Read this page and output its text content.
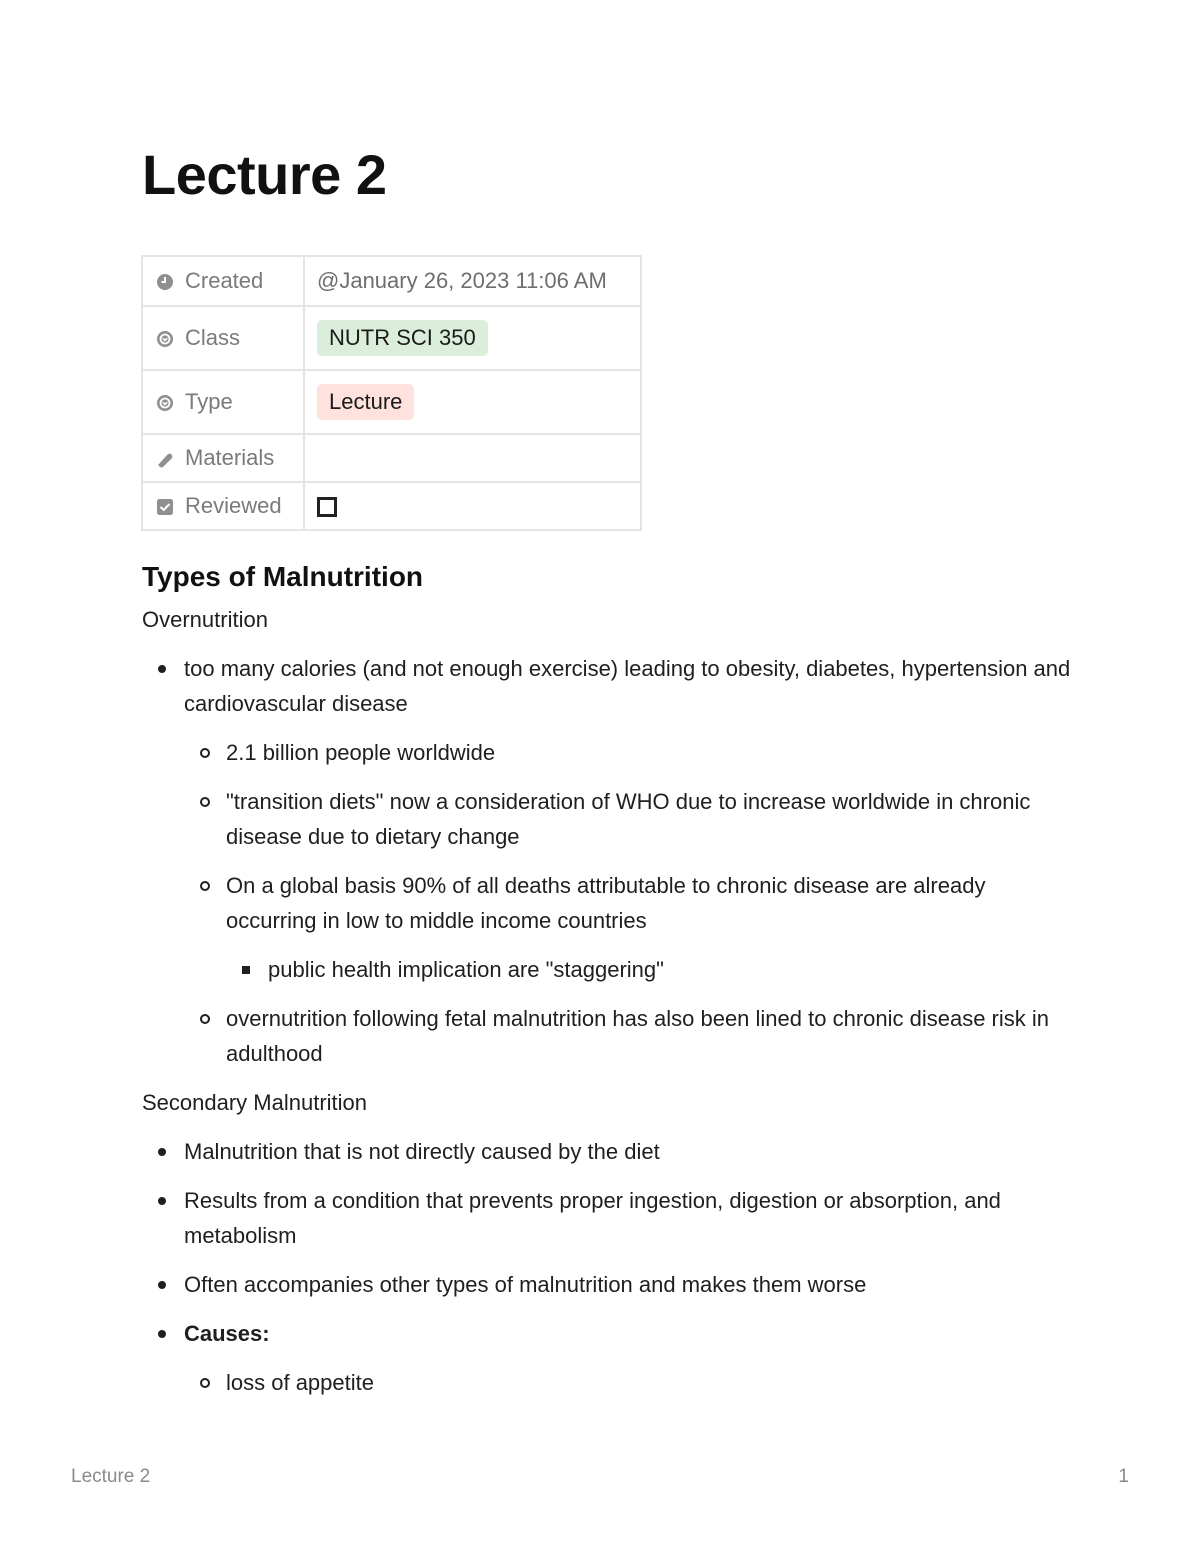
Lecture 2
Created	@January 26, 2023 11:06 AM
Class	NUTR SCI 350
Type	Lecture
Materials	
Reviewed	
Types of Malnutrition

Overnutrition

too many calories (and not enough exercise) leading to obesity, diabetes, hypertension and cardiovascular disease
2.1 billion people worldwide
"transition diets" now a consideration of WHO due to increase worldwide in chronic disease due to dietary change
On a global basis 90% of all deaths attributable to chronic disease are already occurring in low to middle income countries
public health implication are "staggering"
overnutrition following fetal malnutrition has also been lined to chronic disease risk in adulthood

Secondary Malnutrition

Malnutrition that is not directly caused by the diet
Results from a condition that prevents proper ingestion, digestion or absorption, and metabolism
Often accompanies other types of malnutrition and makes them worse
Causes:
loss of appetite
Lecture 2	1
